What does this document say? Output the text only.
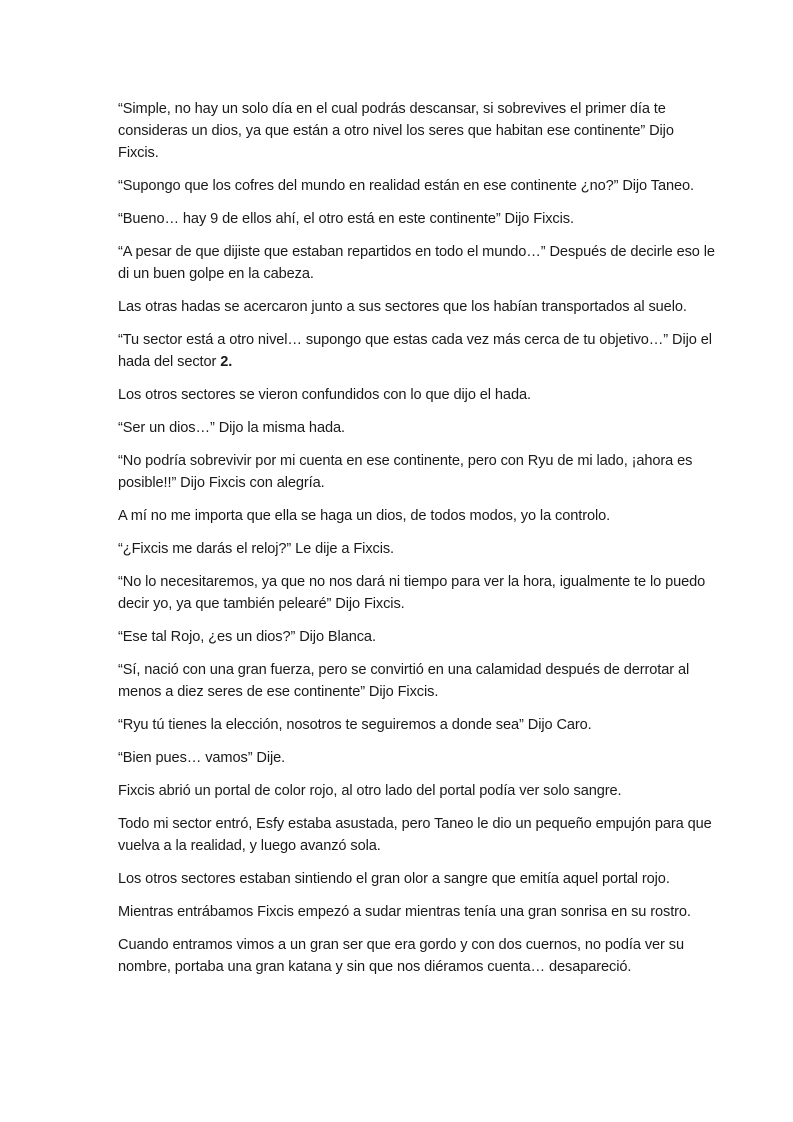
“Simple, no hay un solo día en el cual podrás descansar, si sobrevives el primer día te consideras un dios, ya que están a otro nivel los seres que habitan ese continente” Dijo Fixcis.

“Supongo que los cofres del mundo en realidad están en ese continente ¿no?” Dijo Taneo.

“Bueno… hay 9 de ellos ahí, el otro está en este continente” Dijo Fixcis.

“A pesar de que dijiste que estaban repartidos en todo el mundo…” Después de decirle eso le di un buen golpe en la cabeza.

Las otras hadas se acercaron junto a sus sectores que los habían transportados al suelo.

“Tu sector está a otro nivel… supongo que estas cada vez más cerca de tu objetivo…” Dijo el hada del sector 2.

Los otros sectores se vieron confundidos con lo que dijo el hada.

“Ser un dios…” Dijo la misma hada.

“No podría sobrevivir por mi cuenta en ese continente, pero con Ryu de mi lado, ¡ahora es posible!!” Dijo Fixcis con alegría.

A mí no me importa que ella se haga un dios, de todos modos, yo la controlo.

“¿Fixcis me darás el reloj?” Le dije a Fixcis.

“No lo necesitaremos, ya que no nos dará ni tiempo para ver la hora, igualmente te lo puedo decir yo, ya que también pelearé” Dijo Fixcis.

“Ese tal Rojo, ¿es un dios?” Dijo Blanca.

“Sí, nació con una gran fuerza, pero se convirtió en una calamidad después de derrotar al menos a diez seres de ese continente” Dijo Fixcis.

“Ryu tú tienes la elección, nosotros te seguiremos a donde sea” Dijo Caro.

“Bien pues… vamos” Dije.

Fixcis abrió un portal de color rojo, al otro lado del portal podía ver solo sangre.

Todo mi sector entró, Esfy estaba asustada, pero Taneo le dio un pequeño empujón para que vuelva a la realidad, y luego avanzó sola.

Los otros sectores estaban sintiendo el gran olor a sangre que emitía aquel portal rojo.

Mientras entrábamos Fixcis empezó a sudar mientras tenía una gran sonrisa en su rostro.

Cuando entramos vimos a un gran ser que era gordo y con dos cuernos, no podía ver su nombre, portaba una gran katana y sin que nos diéramos cuenta… desapareció.
